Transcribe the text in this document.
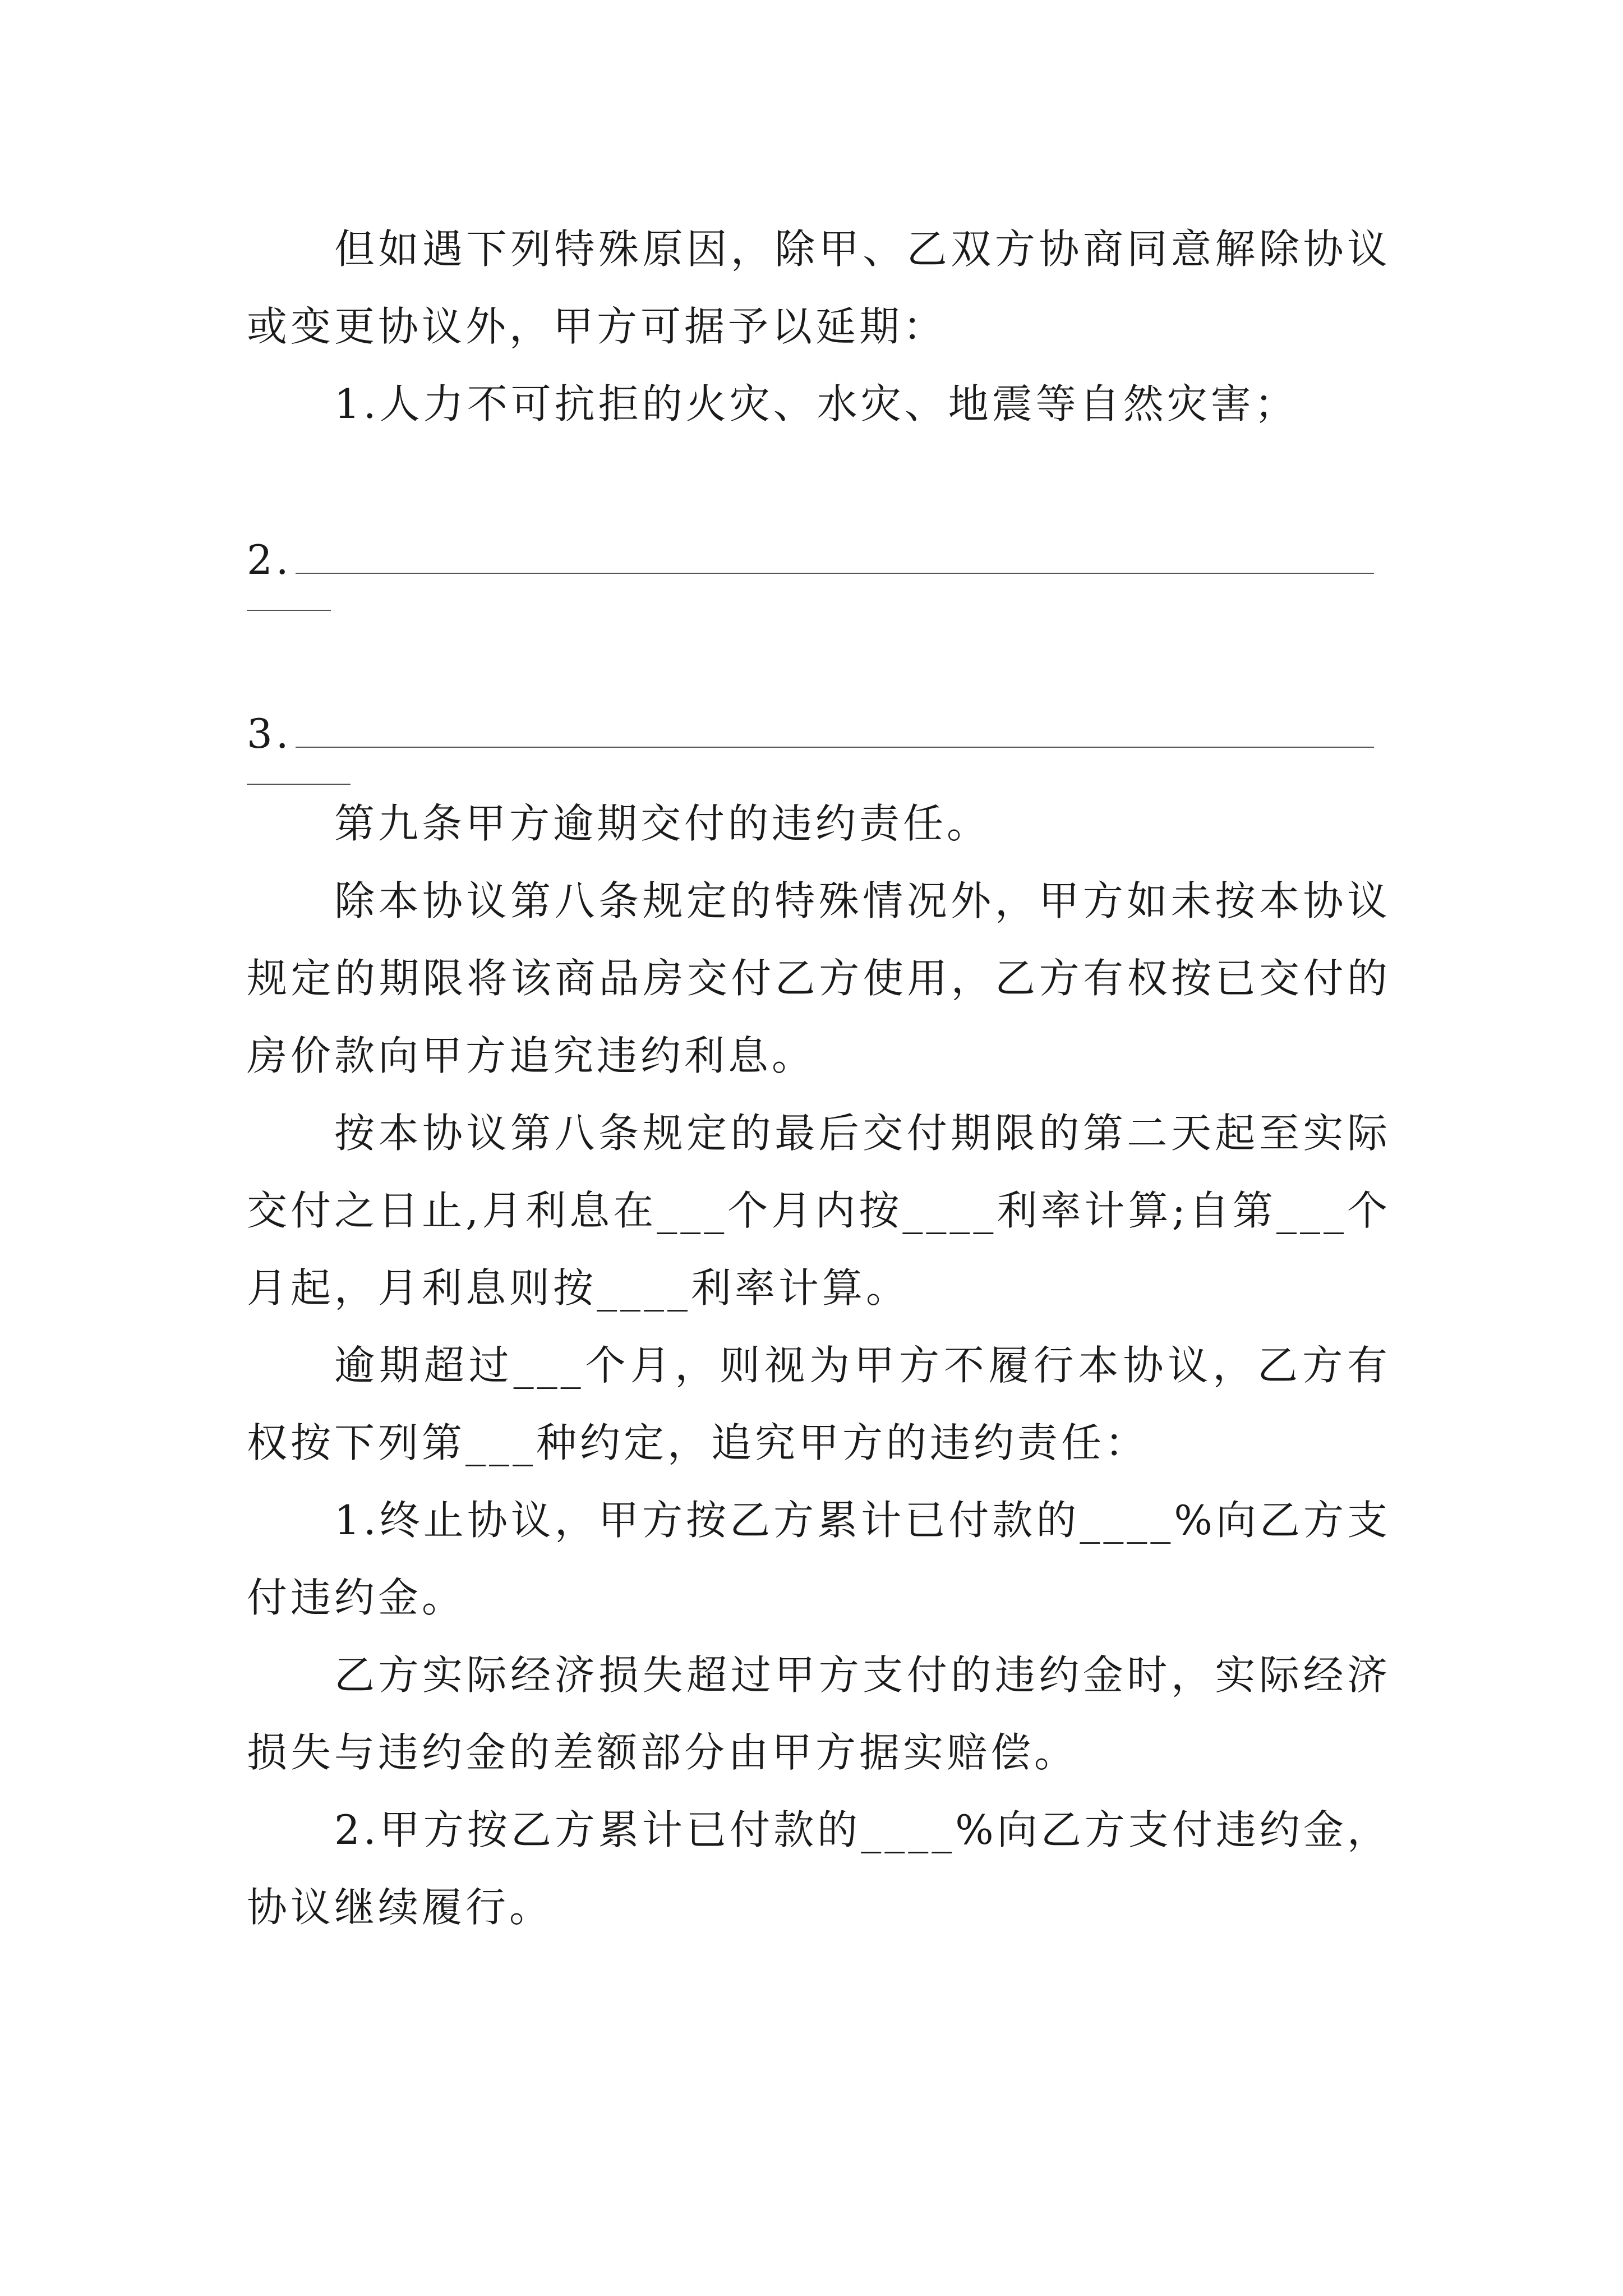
但如遇下列特殊原因，除甲、乙双方协商同意解除协议或变更协议外，甲方可据予以延期：

1.人力不可抗拒的火灾、水灾、地震等自然灾害；

2.
3.

第九条甲方逾期交付的违约责任。

除本协议第八条规定的特殊情况外，甲方如未按本协议规定的期限将该商品房交付乙方使用，乙方有权按已交付的房价款向甲方追究违约利息。

按本协议第八条规定的最后交付期限的第二天起至实际交付之日止,月利息在___个月内按____利率计算;自第___个月起，月利息则按____利率计算。

逾期超过___个月，则视为甲方不履行本协议，乙方有权按下列第___种约定，追究甲方的违约责任：

1.终止协议，甲方按乙方累计已付款的____%向乙方支付违约金。

乙方实际经济损失超过甲方支付的违约金时，实际经济损失与违约金的差额部分由甲方据实赔偿。

2.甲方按乙方累计已付款的____%向乙方支付违约金，协议继续履行。
